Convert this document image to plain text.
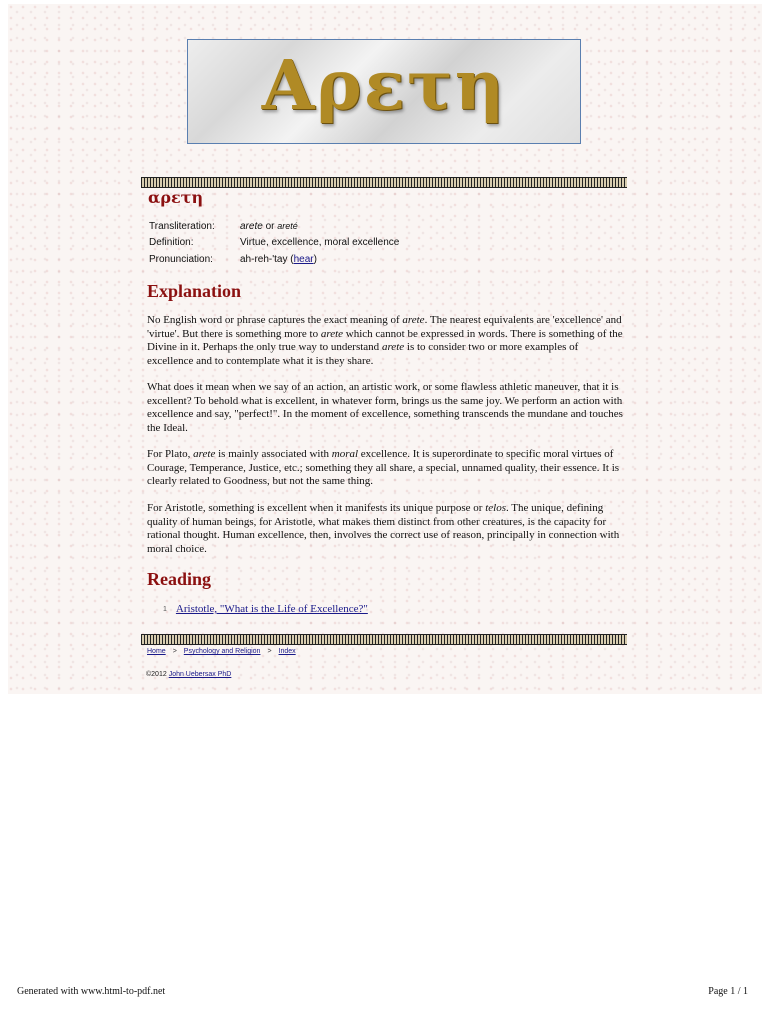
Αρετη
αρετη
Transliteration:	arete or areté
Definition:	Virtue, excellence, moral excellence
Pronunciation:	ah-reh-'tay (hear)
Explanation

No English word or phrase captures the exact meaning of arete. The nearest equivalents are 'excellence' and 'virtue'. But there is something more to arete which cannot be expressed in words. There is something of the Divine in it. Perhaps the only true way to understand arete is to consider two or more examples of excellence and to contemplate what it is they share.

What does it mean when we say of an action, an artistic work, or some flawless athletic maneuver, that it is excellent? To behold what is excellent, in whatever form, brings us the same joy. We perform an action with excellence and say, "perfect!". In the moment of excellence, something transcends the mundane and touches the Ideal.

For Plato, arete is mainly associated with moral excellence. It is superordinate to specific moral virtues of Courage, Temperance, Justice, etc.; something they all share, a special, unnamed quality, their essence. It is clearly related to Goodness, but not the same thing.

For Aristotle, something is excellent when it manifests its unique purpose or telos. The unique, defining quality of human beings, for Aristotle, what makes them distinct from other creatures, is the capacity for rational thought. Human excellence, then, involves the correct use of reason, principally in connection with moral choice.

Reading
1 Aristotle, "What is the Life of Excellence?"
Home > Psychology and Religion > Index
©2012 John Uebersax PhD
Generated with www.html-to-pdf.net	Page 1 / 1
